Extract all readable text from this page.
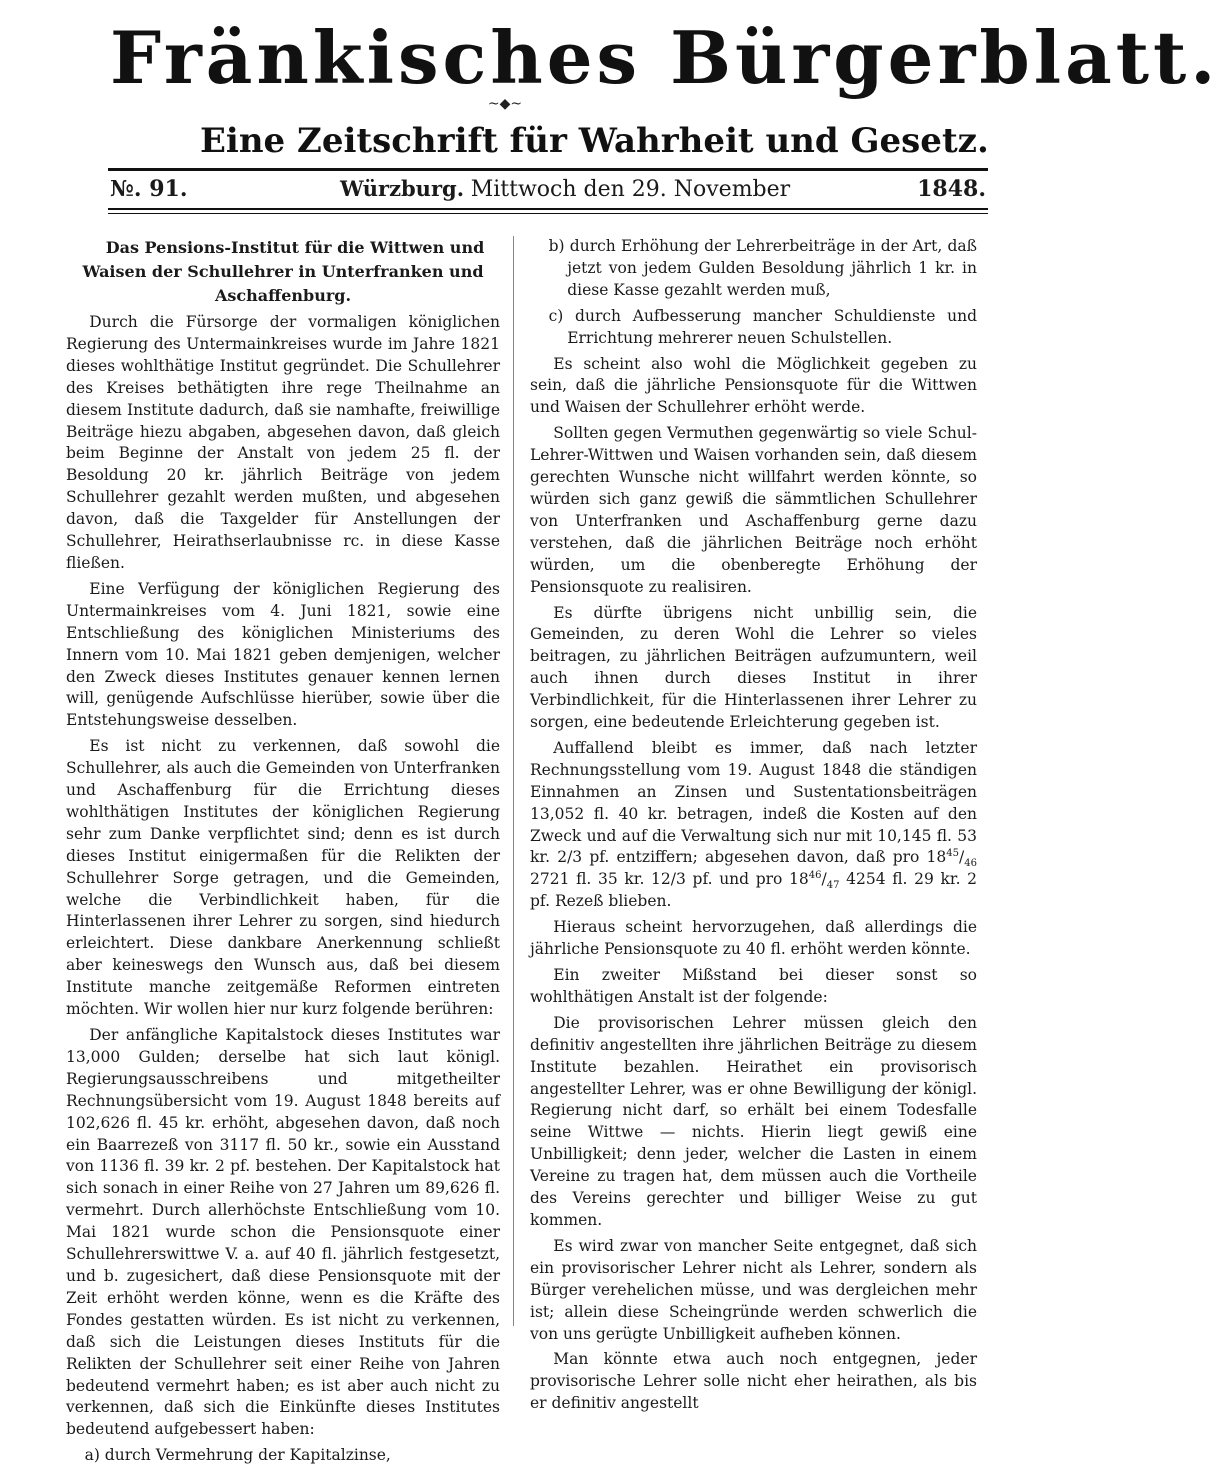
Fränkisches Bürgerblatt.
~◆~
Eine Zeitschrift für Wahrheit und Gesetz.
№. 91.	Würzburg. Mittwoch den 29. November	1848.

Das Pensions-Institut für die Wittwen und Waisen der Schullehrer in Unterfranken und Aschaffenburg.

Durch die Fürsorge der vormaligen königlichen Regierung des Untermainkreises wurde im Jahre 1821 dieses wohlthätige Institut gegründet. Die Schullehrer des Kreises bethätigten ihre rege Theilnahme an diesem Institute dadurch, daß sie namhafte, freiwillige Beiträge hiezu abgaben, abgesehen davon, daß gleich beim Beginne der Anstalt von jedem 25 fl. der Besoldung 20 kr. jährlich Beiträge von jedem Schullehrer gezahlt werden mußten, und abgesehen davon, daß die Taxgelder für Anstellungen der Schullehrer, Heirathserlaubnisse rc. in diese Kasse fließen.

Eine Verfügung der königlichen Regierung des Untermainkreises vom 4. Juni 1821, sowie eine Entschließung des königlichen Ministeriums des Innern vom 10. Mai 1821 geben demjenigen, welcher den Zweck dieses Institutes genauer kennen lernen will, genügende Aufschlüsse hierüber, sowie über die Entstehungsweise desselben.

Es ist nicht zu verkennen, daß sowohl die Schullehrer, als auch die Gemeinden von Unterfranken und Aschaffenburg für die Errichtung dieses wohlthätigen Institutes der königlichen Regierung sehr zum Danke verpflichtet sind; denn es ist durch dieses Institut einigermaßen für die Relikten der Schullehrer Sorge getragen, und die Gemeinden, welche die Verbindlichkeit haben, für die Hinterlassenen ihrer Lehrer zu sorgen, sind hiedurch erleichtert. Diese dankbare Anerkennung schließt aber keineswegs den Wunsch aus, daß bei diesem Institute manche zeitgemäße Reformen eintreten möchten. Wir wollen hier nur kurz folgende berühren:

Der anfängliche Kapitalstock dieses Institutes war 13,000 Gulden; derselbe hat sich laut königl. Regierungsausschreibens und mitgetheilter Rechnungsübersicht vom 19. August 1848 bereits auf 102,626 fl. 45 kr. erhöht, abgesehen davon, daß noch ein Baarrezeß von 3117 fl. 50 kr., sowie ein Ausstand von 1136 fl. 39 kr. 2 pf. bestehen. Der Kapitalstock hat sich sonach in einer Reihe von 27 Jahren um 89,626 fl. vermehrt. Durch allerhöchste Entschließung vom 10. Mai 1821 wurde schon die Pensionsquote einer Schullehrerswittwe V. a. auf 40 fl. jährlich festgesetzt, und b. zugesichert, daß diese Pensionsquote mit der Zeit erhöht werden könne, wenn es die Kräfte des Fondes gestatten würden. Es ist nicht zu verkennen, daß sich die Leistungen dieses Instituts für die Relikten der Schullehrer seit einer Reihe von Jahren bedeutend vermehrt haben; es ist aber auch nicht zu verkennen, daß sich die Einkünfte dieses Institutes bedeutend aufgebessert haben:

a) durch Vermehrung der Kapitalzinse,

b) durch Erhöhung der Lehrerbeiträge in der Art, daß jetzt von jedem Gulden Besoldung jährlich 1 kr. in diese Kasse gezahlt werden muß,

c) durch Aufbesserung mancher Schuldienste und Errichtung mehrerer neuen Schulstellen.

Es scheint also wohl die Möglichkeit gegeben zu sein, daß die jährliche Pensionsquote für die Wittwen und Waisen der Schullehrer erhöht werde.

Sollten gegen Vermuthen gegenwärtig so viele Schul-Lehrer-Wittwen und Waisen vorhanden sein, daß diesem gerechten Wunsche nicht willfahrt werden könnte, so würden sich ganz gewiß die sämmtlichen Schullehrer von Unterfranken und Aschaffenburg gerne dazu verstehen, daß die jährlichen Beiträge noch erhöht würden, um die obenberegte Erhöhung der Pensionsquote zu realisiren.

Es dürfte übrigens nicht unbillig sein, die Gemeinden, zu deren Wohl die Lehrer so vieles beitragen, zu jährlichen Beiträgen aufzumuntern, weil auch ihnen durch dieses Institut in ihrer Verbindlichkeit, für die Hinterlassenen ihrer Lehrer zu sorgen, eine bedeutende Erleichterung gegeben ist.

Auffallend bleibt es immer, daß nach letzter Rechnungsstellung vom 19. August 1848 die ständigen Einnahmen an Zinsen und Sustentationsbeiträgen 13,052 fl. 40 kr. betragen, indeß die Kosten auf den Zweck und auf die Verwaltung sich nur mit 10,145 fl. 53 kr. 2/3 pf. entziffern; abgesehen davon, daß pro $18^{45}/_{46}$ 2721 fl. 35 kr. 12/3 pf. und pro $18^{46}/_{47}$ 4254 fl. 29 kr. 2 pf. Rezeß blieben.

Hieraus scheint hervorzugehen, daß allerdings die jährliche Pensionsquote zu 40 fl. erhöht werden könnte.

Ein zweiter Mißstand bei dieser sonst so wohlthätigen Anstalt ist der folgende:

Die provisorischen Lehrer müssen gleich den definitiv angestellten ihre jährlichen Beiträge zu diesem Institute bezahlen. Heirathet ein provisorisch angestellter Lehrer, was er ohne Bewilligung der königl. Regierung nicht darf, so erhält bei einem Todesfalle seine Wittwe — nichts. Hierin liegt gewiß eine Unbilligkeit; denn jeder, welcher die Lasten in einem Vereine zu tragen hat, dem müssen auch die Vortheile des Vereins gerechter und billiger Weise zu gut kommen.

Es wird zwar von mancher Seite entgegnet, daß sich ein provisorischer Lehrer nicht als Lehrer, sondern als Bürger verehelichen müsse, und was dergleichen mehr ist; allein diese Scheingründe werden schwerlich die von uns gerügte Unbilligkeit aufheben können.

Man könnte etwa auch noch entgegnen, jeder provisorische Lehrer solle nicht eher heirathen, als bis er definitiv angestellt
